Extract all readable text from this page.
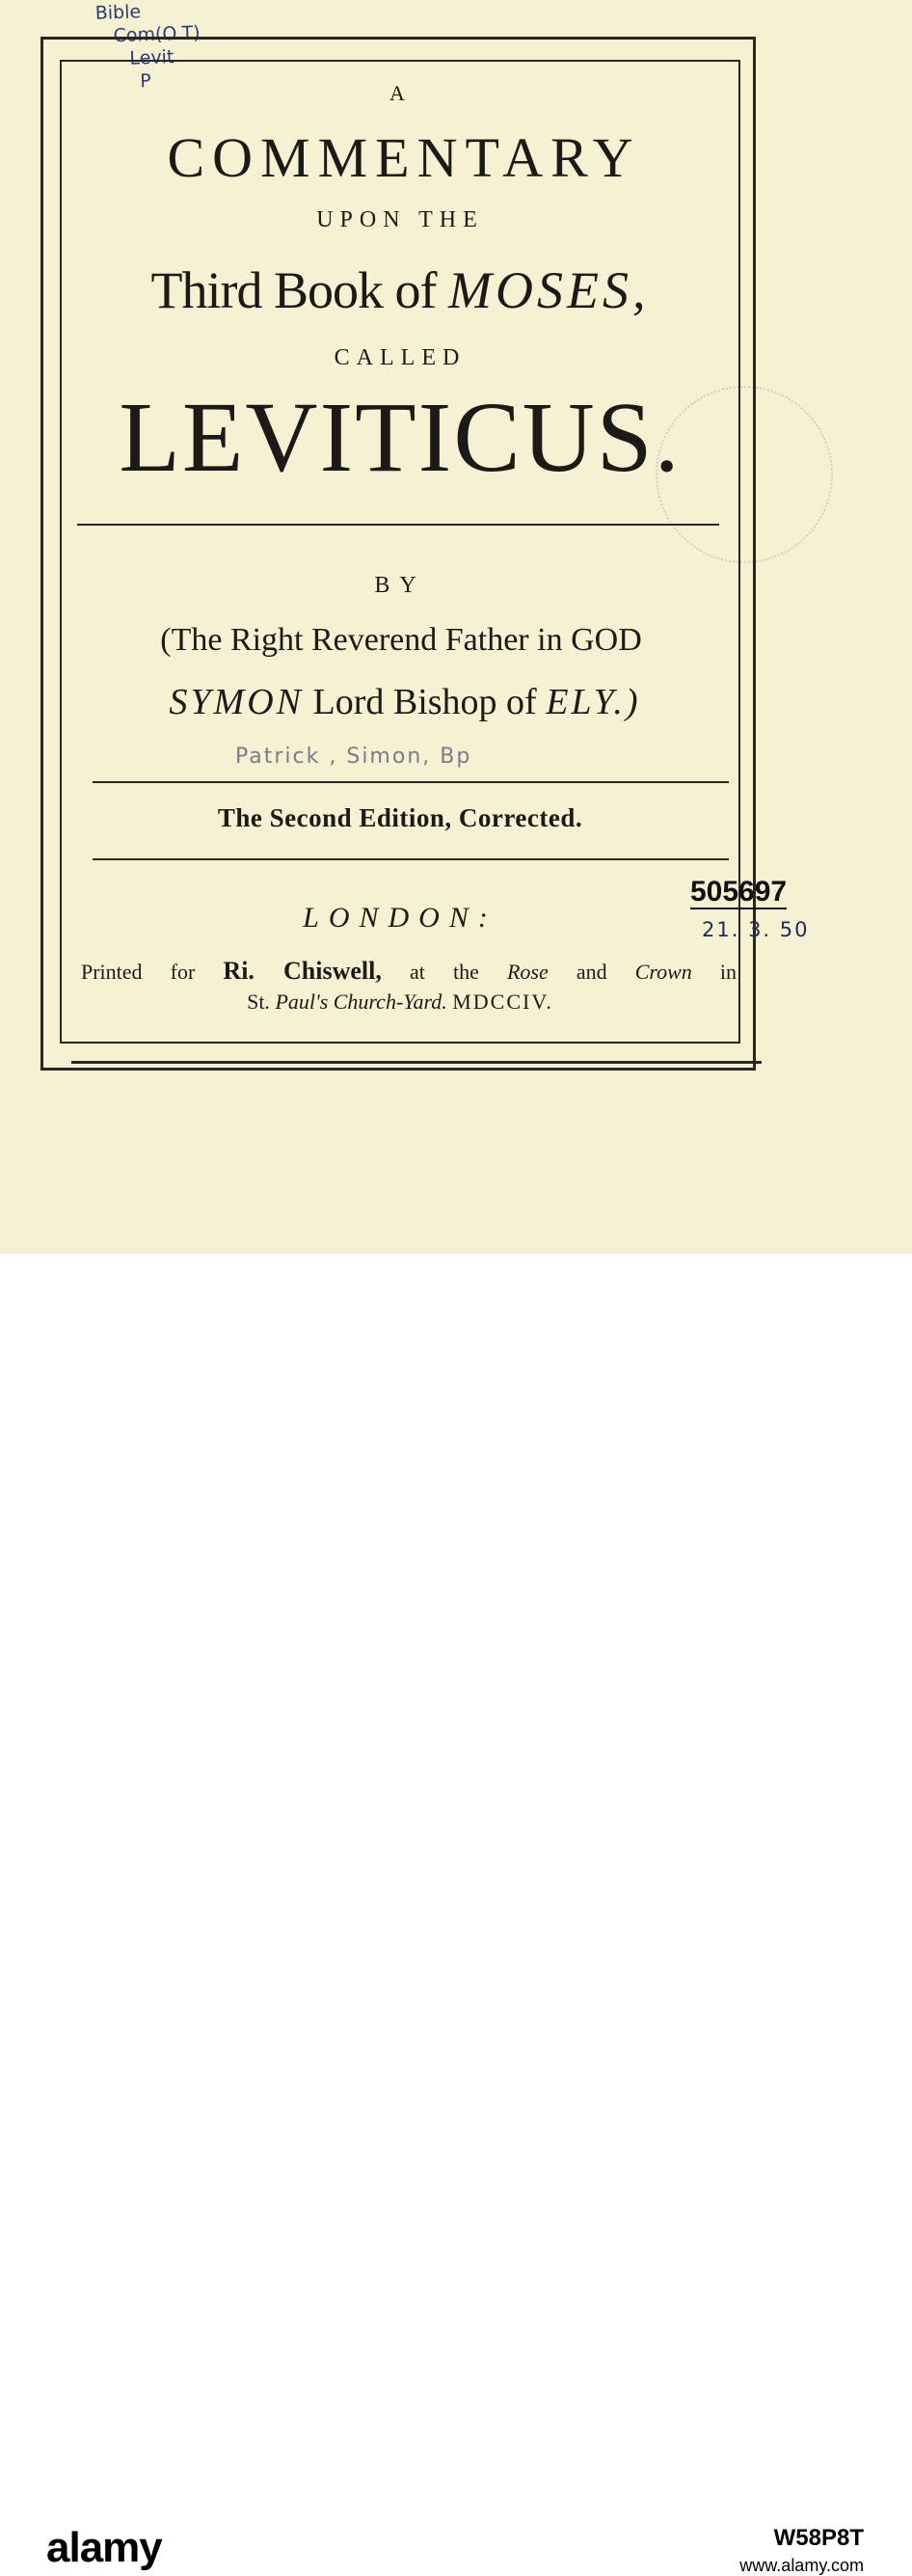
Bible
Com(O.T)
Levit
P	A
COMMENTARY
UPON THE
Third Book of MOSES,
CALLED
LEVITICUS.
BY
(The Right Reverend Father in GOD
SYMON Lord Bishop of ELY.)
Patrick , Simon, Bp
The Second Edition, Corrected.
LONDON:
Printed for Ri. Chiswell, at the Rose and Crown in
St. Paul's Church-Yard. MDCCIV.
505697
21. 3. 50
alamy	W58P8T
www.alamy.com
